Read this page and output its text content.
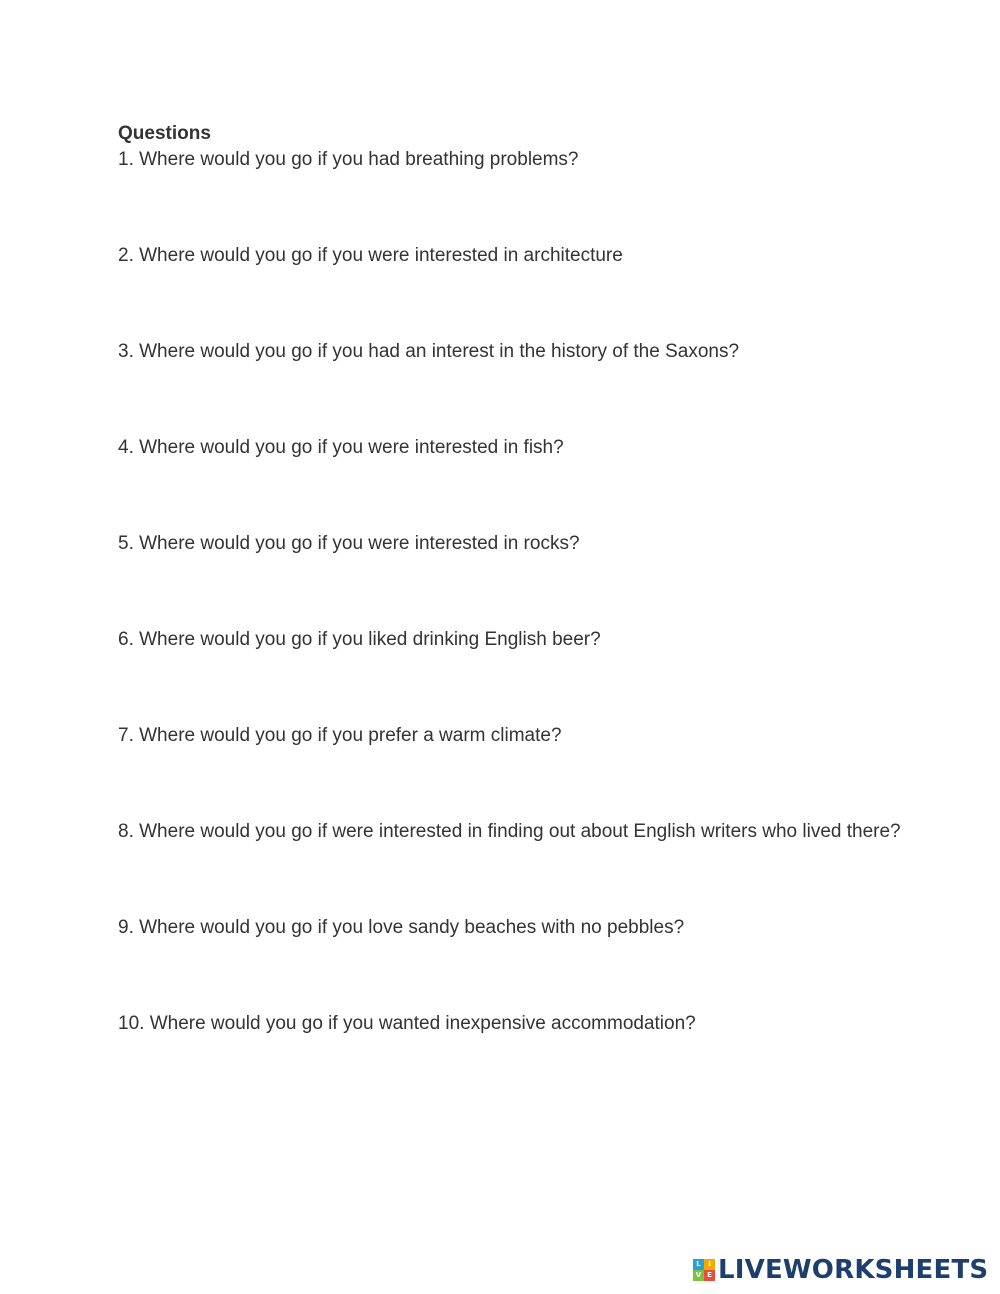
Questions
1. Where would you go if you had breathing problems?
2. Where would you go if you were interested in architecture
3. Where would you go if you had an interest in the history of the Saxons?
4. Where would you go if you were interested in fish?
5. Where would you go if you were interested in rocks?
6. Where would you go if you liked drinking English beer?
7. Where would you go if you prefer a warm climate?
8. Where would you go if were interested in finding out about English writers who lived there?
9. Where would you go if you love sandy beaches with no pebbles?
10. Where would you go if you wanted inexpensive accommodation?
L	I
V E LIVEWORKSHEETS
